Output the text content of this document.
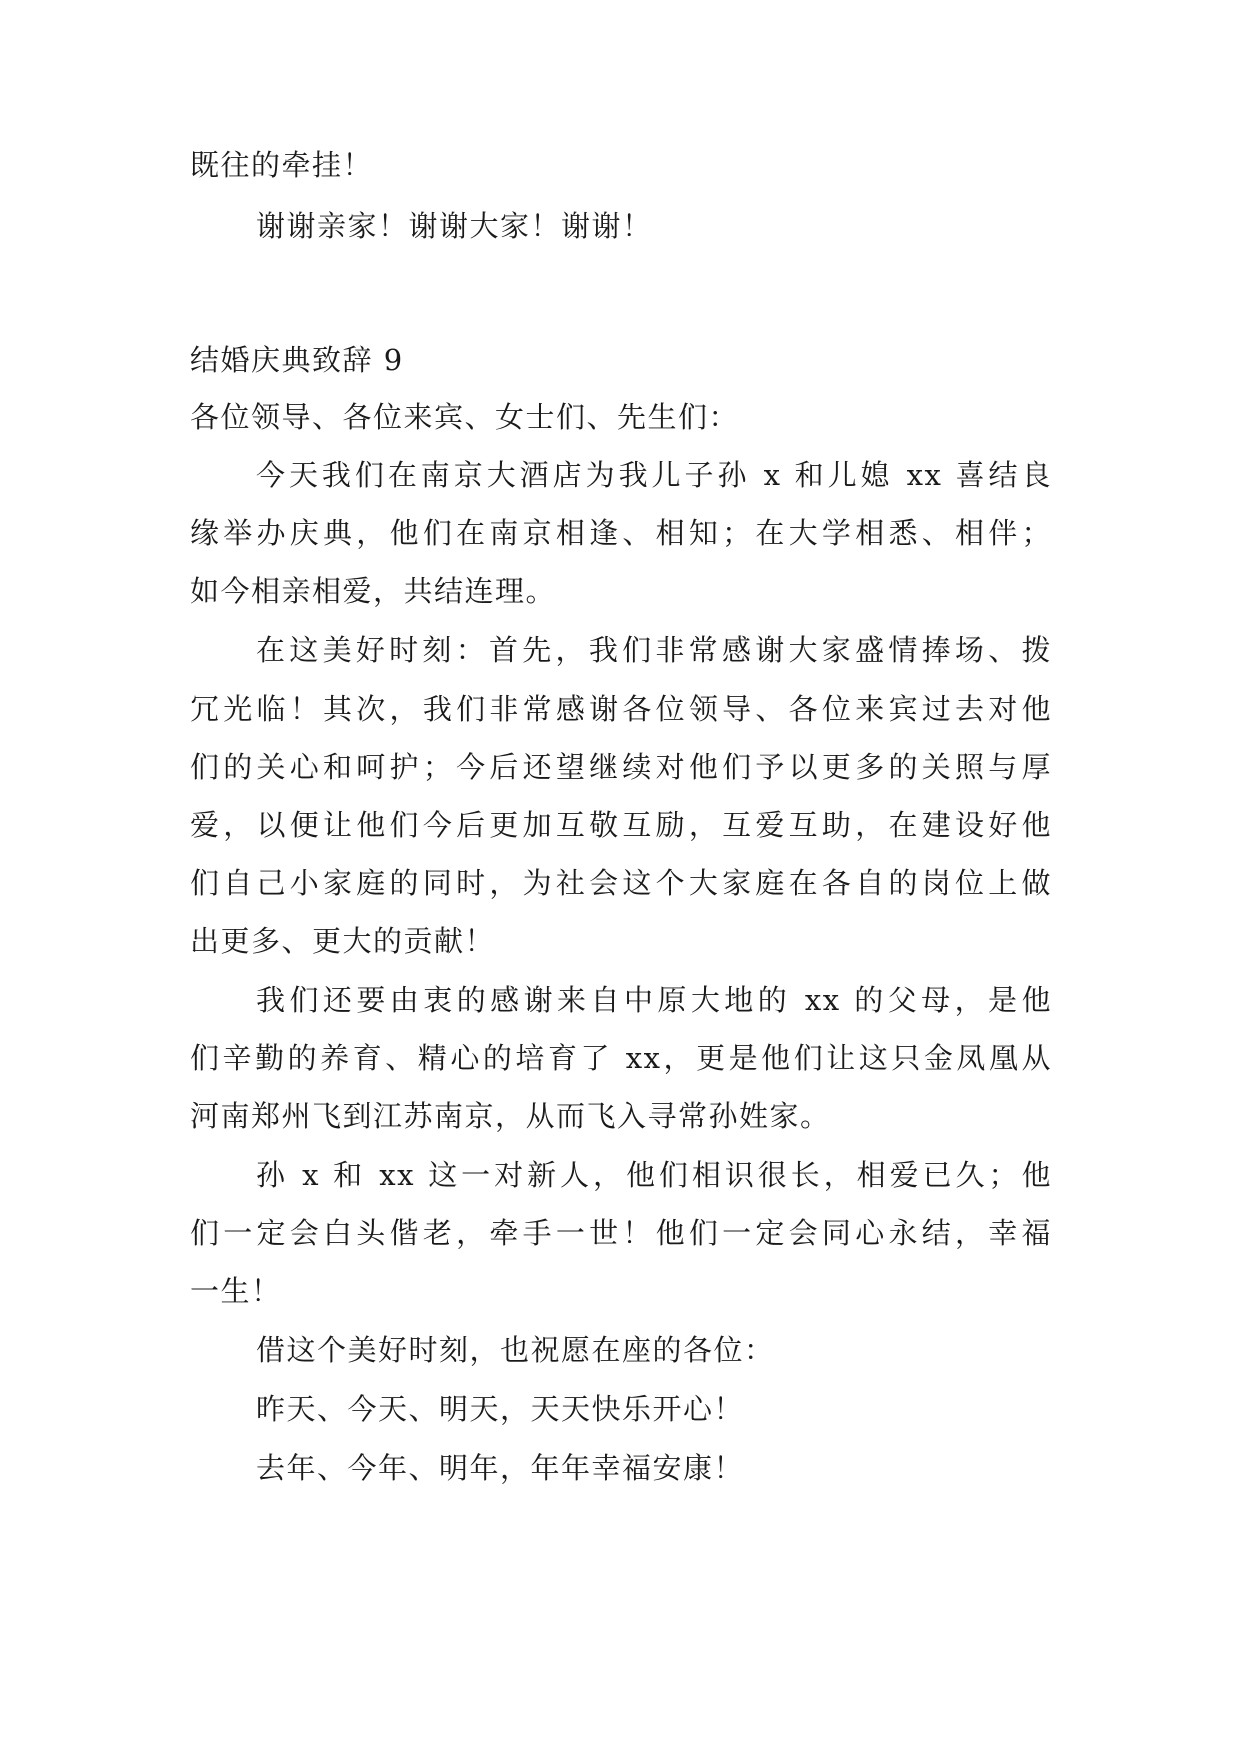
既往的牵挂！
谢谢亲家！谢谢大家！谢谢！
结婚庆典致辞 9
各位领导、各位来宾、女士们、先生们：
今天我们在南京大酒店为我儿子孙 x 和儿媳 xx 喜结良
缘举办庆典，他们在南京相逢、相知；在大学相悉、相伴；
如今相亲相爱，共结连理。
在这美好时刻：首先，我们非常感谢大家盛情捧场、拨
冗光临！其次，我们非常感谢各位领导、各位来宾过去对他
们的关心和呵护；今后还望继续对他们予以更多的关照与厚
爱，以便让他们今后更加互敬互励，互爱互助，在建设好他
们自己小家庭的同时，为社会这个大家庭在各自的岗位上做
出更多、更大的贡献！
我们还要由衷的感谢来自中原大地的 xx 的父母，是他
们辛勤的养育、精心的培育了 xx，更是他们让这只金凤凰从
河南郑州飞到江苏南京，从而飞入寻常孙姓家。
孙 x 和 xx 这一对新人，他们相识很长，相爱已久；他
们一定会白头偕老，牵手一世！他们一定会同心永结，幸福
一生！
借这个美好时刻，也祝愿在座的各位：
昨天、今天、明天，天天快乐开心！
去年、今年、明年，年年幸福安康！
